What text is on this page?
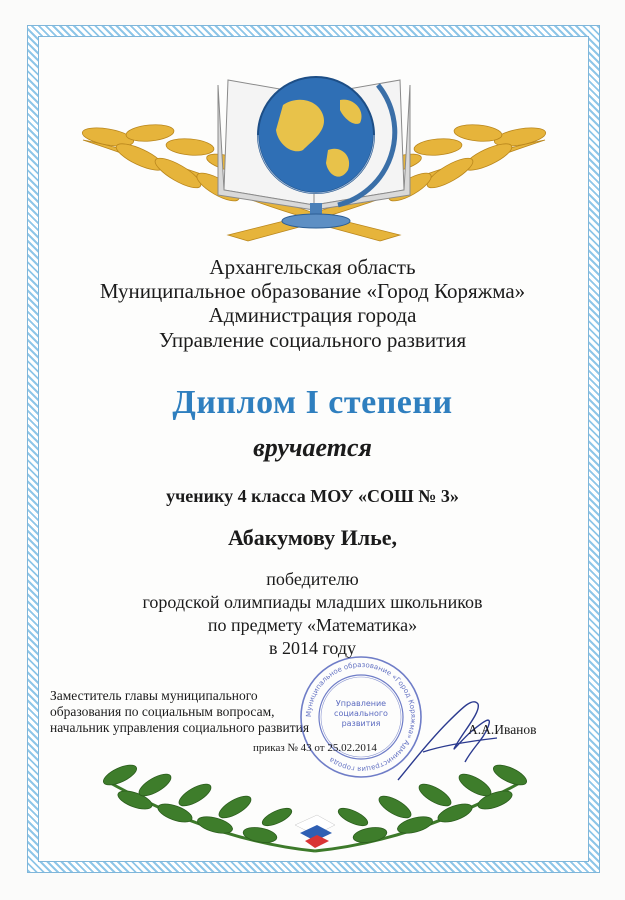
Архангельская область
Муниципальное образование «Город Коряжма»
Администрация города
Управление социального развития
Диплом I степени
вручается
ученику 4 класса МОУ «СОШ № 3»
Абакумову Илье,
победителю
городской олимпиады младших школьников
по предмету «Математика»
в 2014 году
Заместитель главы муниципального
образования по социальным вопросам,
начальник управления социального развития
Муниципальное образование «Город Коряжма» Администрация города
Управление социального развития	А.А.Иванов
приказ № 43 от 25.02.2014
